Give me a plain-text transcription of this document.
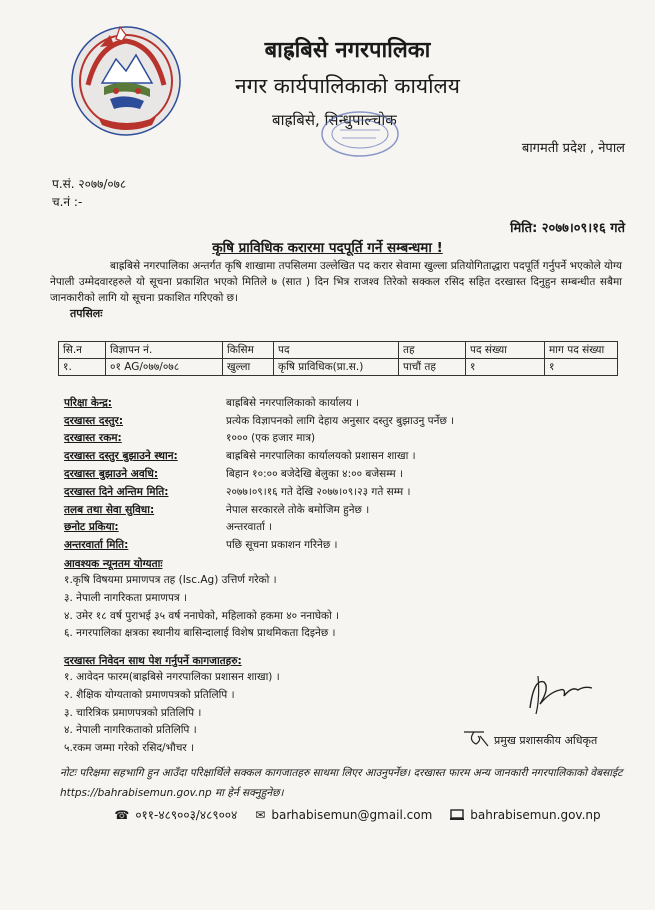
बाह्रबिसे नगरपालिका
नगर कार्यपालिकाको कार्यालय
बाह्रबिसे, सिन्धुपाल्चोक
बागमती प्रदेश , नेपाल
प.सं. २०७७/०७८
च.नं :-
मिति: २०७७।०९।१६ गते
कृषि प्राविधिक करारमा पदपूर्ति गर्ने सम्बन्धमा !
बाह्रबिसे नगरपालिका अन्तर्गत कृषि शाखामा तपसिलमा उल्लेखित पद करार सेवामा खुल्ला प्रतियोगिताद्धारा पदपूर्ति गर्नुपर्ने भएकोले योग्य नेपाली उम्मेदवारहरुले यो सूचना प्रकाशित भएको मितिले ७ (सात ) दिन भित्र राजश्व तिरेको सक्कल रसिद सहित दरखास्त दिनुहुन सम्बन्धीत सबैमा जानकारीको लागि यो सूचना प्रकाशित गरिएको छ।
तपसिलः
सि.न	विज्ञापन नं.	किसिम	पद	तह	पद संख्या	माग पद संख्या
१.	०१ AG/०७७/०७८	खुल्ला	कृषि प्राविधिक(प्रा.स.)	पाचौं तह	१	१
परिक्षा केन्द्र:	बाह्रबिसे नगरपालिकाको कार्यालय ।
दरखास्त दस्तुर:	प्रत्येक विज्ञापनको लागि देहाय अनुसार दस्तुर बुझाउनु पर्नेछ ।
दरखास्त रकम:	१००० (एक हजार मात्र)
दरखास्त दस्तुर बुझाउने स्थान:	बाह्रबिसे नगरपालिका कार्यालयको प्रशासन शाखा ।
दरखास्त बुझाउने अवधि:	बिहान १०:०० बजेदेखि बेलुका ४:०० बजेसम्म ।
दरखास्त दिने अन्तिम मिति:	२०७७।०९।१६ गते देखि २०७७।०९।२३ गते सम्म ।
तलब तथा सेवा सुविधा:	नेपाल सरकारले तोके बमोजिम हुनेछ ।
छनोट प्रकिया:	अन्तरवार्ता ।
अन्तरवार्ता मिति:	पछि सूचना प्रकाशन गरिनेछ ।
आवश्यक न्यूनतम योग्यताः
१.कृषि विषयमा प्रमाणपत्र तह (Isc.Ag) उत्तिर्ण गरेको ।
३. नेपाली नागरिकता प्रमाणपत्र ।
४. उमेर १८ वर्ष पुराभई ३५ वर्ष ननाघेको, महिलाको हकमा ४० ननाघेको ।
६. नगरपालिका क्षत्रका स्थानीय बासिन्दालाई विशेष प्राथमिकता दिइनेछ ।
दरखास्त निवेदन साथ पेश गर्नुपर्ने कागजातहरु:
१. आवेदन फारम(बाह्रबिसे नगरपालिका प्रशासन शाखा) ।
२. शैक्षिक योग्यताको प्रमाणपत्रको प्रतिलिपि ।
३. चारित्रिक प्रमाणपत्रको प्रतिलिपि ।
४. नेपाली नागरिकताको प्रतिलिपि ।
५.रकम जम्मा गरेको रसिद/भौचर ।
प्रमुख प्रशासकीय अधिकृत
नोटः परिक्षमा सहभागि हुन आउँदा परिक्षार्थिले सक्कल कागजातहरु साथमा लिएर आउनुपर्नेछ। दरखास्त फारम अन्य जानकारी नगरपालिकाको वेबसाईट https://bahrabisemun.gov.np मा हेर्न सक्नुहुनेछ।
☎ ०११-४८९००३/४८९००४ ✉ barhabisemun@gmail.com	bahrabisemun.gov.np
